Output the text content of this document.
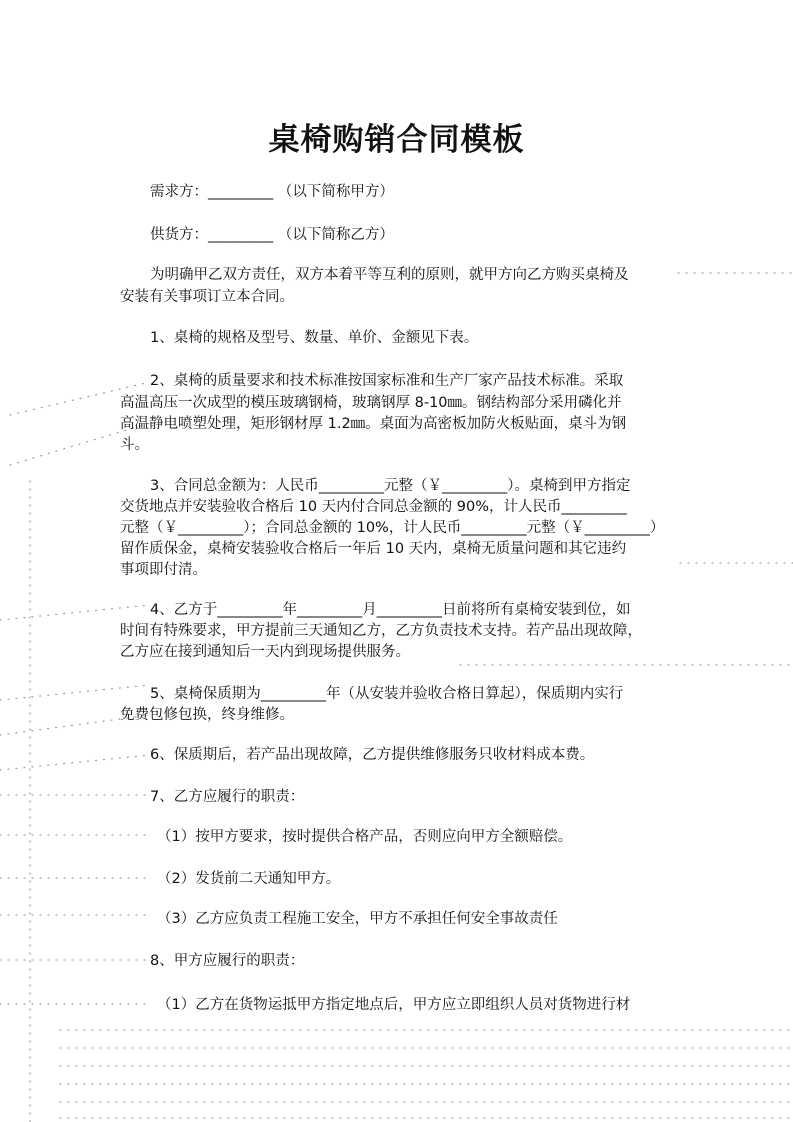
桌椅购销合同模板
需求方：_________ （以下简称甲方）
供货方：_________ （以下简称乙方）
为明确甲乙双方责任，双方本着平等互利的原则，就甲方向乙方购买桌椅及
安装有关事项订立本合同。
1、桌椅的规格及型号、数量、单价、金额见下表。
2、桌椅的质量要求和技术标准按国家标准和生产厂家产品技术标准。采取
高温高压一次成型的模压玻璃钢椅，玻璃钢厚 8-10㎜。钢结构部分采用磷化并
高温静电喷塑处理，矩形钢材厚 1.2㎜。桌面为高密板加防火板贴面，桌斗为钢
斗。
3、合同总金额为：人民币_________元整（￥_________）。桌椅到甲方指定
交货地点并安装验收合格后 10 天内付合同总金额的 90%，计人民币_________
元整（￥_________）；合同总金额的 10%，计人民币_________元整（￥_________）
留作质保金，桌椅安装验收合格后一年后 10 天内，桌椅无质量问题和其它违约
事项即付清。
4、乙方于_________年_________月_________日前将所有桌椅安装到位，如
时间有特殊要求，甲方提前三天通知乙方，乙方负责技术支持。若产品出现故障，
乙方应在接到通知后一天内到现场提供服务。
5、桌椅保质期为_________年（从安装并验收合格日算起），保质期内实行
免费包修包换，终身维修。
6、保质期后，若产品出现故障，乙方提供维修服务只收材料成本费。
7、乙方应履行的职责：
（1）按甲方要求，按时提供合格产品，否则应向甲方全额赔偿。
（2）发货前二天通知甲方。
（3）乙方应负责工程施工安全，甲方不承担任何安全事故责任
8、甲方应履行的职责：
（1）乙方在货物运抵甲方指定地点后，甲方应立即组织人员对货物进行材
